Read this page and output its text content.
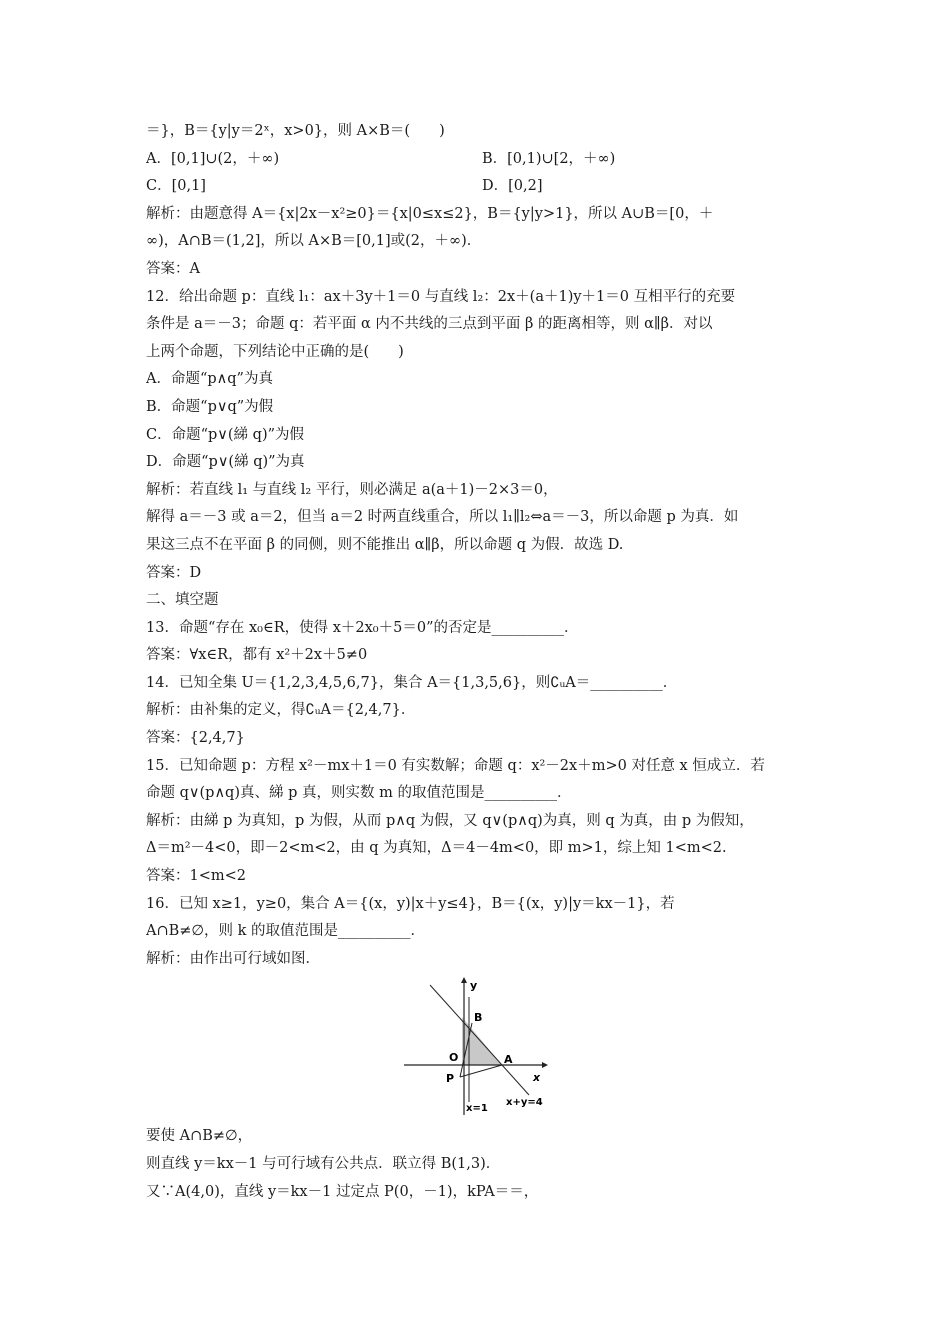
＝}，B＝{y|y＝2ˣ，x>0}，则 A×B＝(　　)
A．[0,1]∪(2，＋∞)	B．[0,1)∪[2，＋∞)
C．[0,1]	D．[0,2]
解析：由题意得 A＝{x|2x－x²≥0}＝{x|0≤x≤2}，B＝{y|y>1}，所以 A∪B＝[0，＋
∞)，A∩B＝(1,2]，所以 A×B＝[0,1]或(2，＋∞)．
答案：A
12．给出命题 p：直线 l₁：ax＋3y＋1＝0 与直线 l₂：2x＋(a＋1)y＋1＝0 互相平行的充要
条件是 a＝－3；命题 q：若平面 α 内不共线的三点到平面 β 的距离相等，则 α∥β．对以
上两个命题，下列结论中正确的是(　　)
A．命题“p∧q”为真
B．命题“p∨q”为假
C．命题“p∨(綈 q)”为假
D．命题“p∨(綈 q)”为真
解析：若直线 l₁ 与直线 l₂ 平行，则必满足 a(a＋1)－2×3＝0，
解得 a＝－3 或 a＝2，但当 a＝2 时两直线重合，所以 l₁∥l₂⇔a＝－3，所以命题 p 为真．如
果这三点不在平面 β 的同侧，则不能推出 α∥β，所以命题 q 为假．故选 D.
答案：D
二、填空题
13．命题“存在 x₀∈R，使得 x＋2x₀＋5＝0”的否定是__________．
答案：∀x∈R，都有 x²＋2x＋5≠0
14．已知全集 U＝{1,2,3,4,5,6,7}，集合 A＝{1,3,5,6}，则∁ᵤA＝__________．
解析：由补集的定义，得∁ᵤA＝{2,4,7}．
答案：{2,4,7}
15．已知命题 p：方程 x²－mx＋1＝0 有实数解；命题 q：x²－2x＋m>0 对任意 x 恒成立．若
命题 q∨(p∧q)真、綈 p 真，则实数 m 的取值范围是__________．
解析：由綈 p 为真知，p 为假，从而 p∧q 为假，又 q∨(p∧q)为真，则 q 为真，由 p 为假知，
Δ＝m²－4<0，即－2<m<2，由 q 为真知，Δ＝4－4m<0，即 m>1，综上知 1<m<2.
答案：1<m<2
16．已知 x≥1，y≥0，集合 A＝{(x，y)|x＋y≤4}，B＝{(x，y)|y＝kx－1}，若
A∩B≠∅，则 k 的取值范围是__________．
解析：由作出可行域如图．
y
x
O	A
B
P
x=1
x+y=4
要使 A∩B≠∅，
则直线 y＝kx－1 与可行域有公共点．联立得 B(1,3)．
又∵A(4,0)，直线 y＝kx－1 过定点 P(0，－1)，kPA＝＝，
